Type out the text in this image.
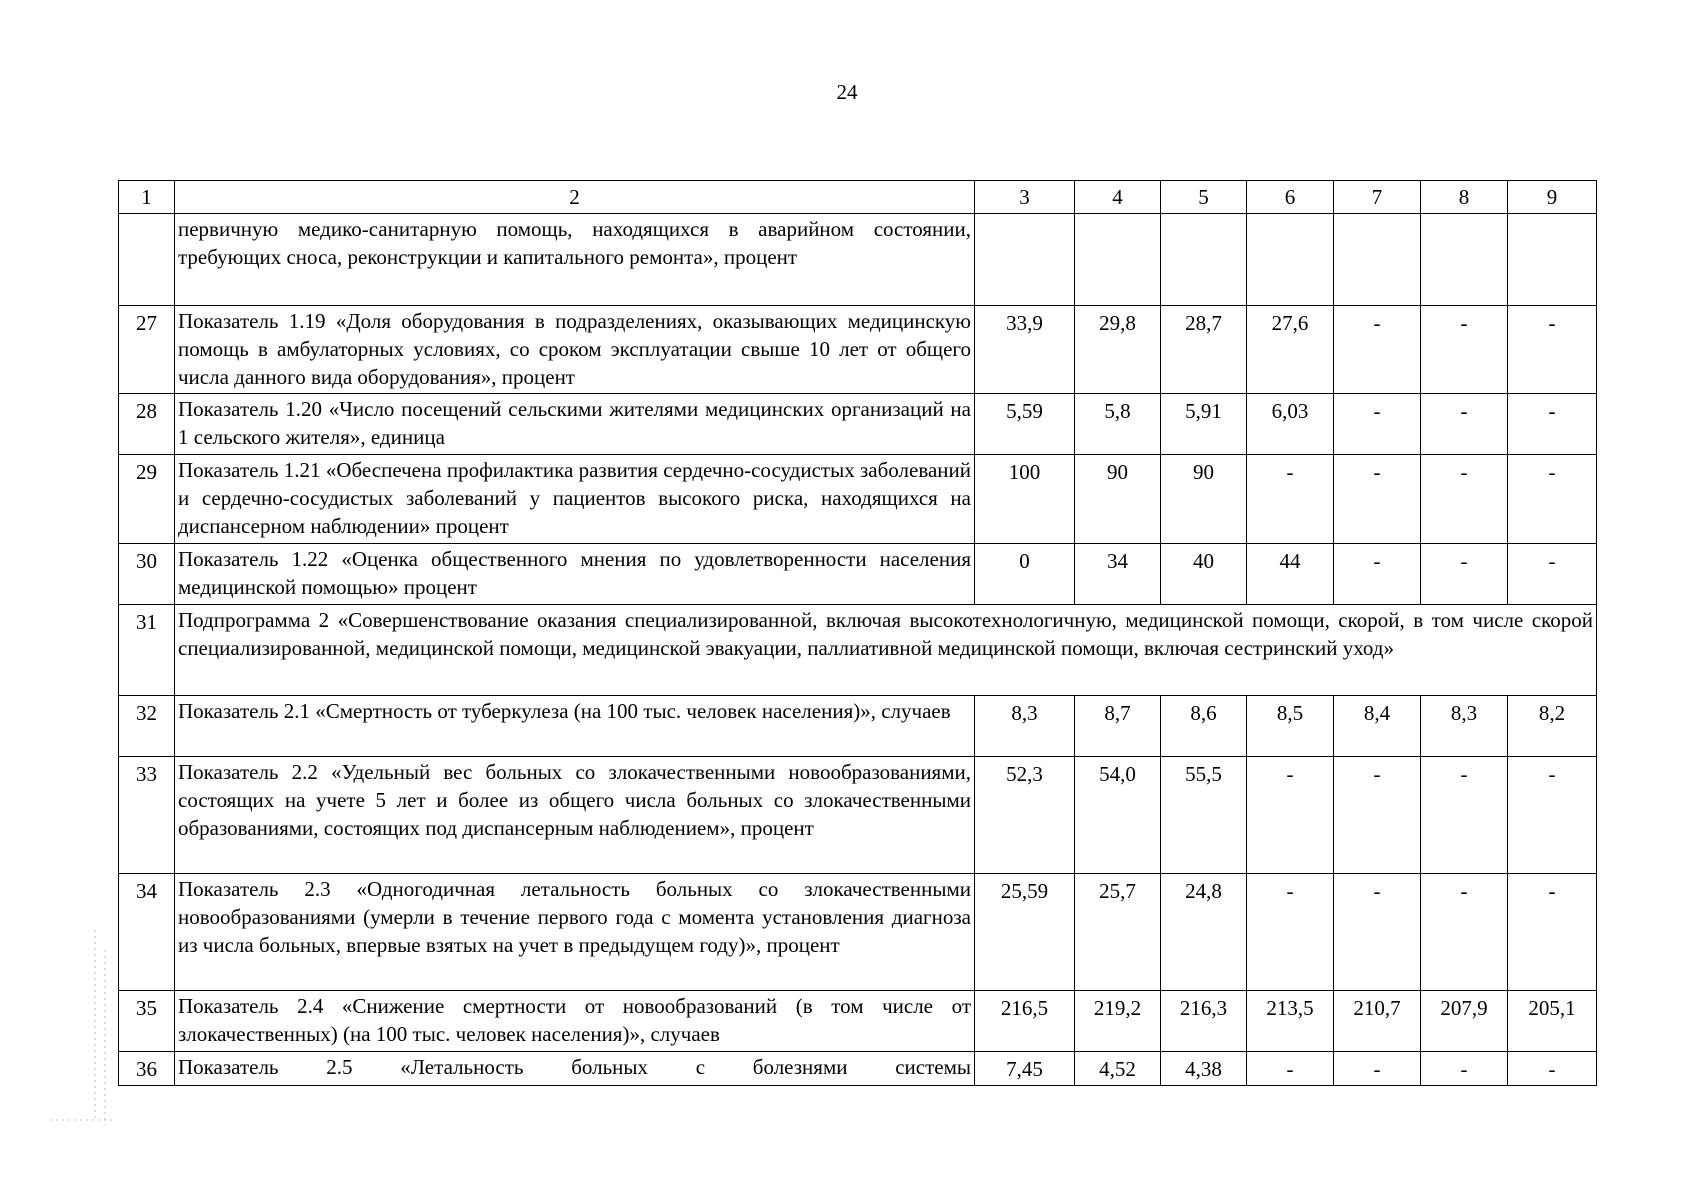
24
1	2	3	4	5	6	7	8	9
	первичную медико-санитарную помощь, находящихся в аварийном состоянии, требующих сноса, реконструкции и капитального ремонта», процент							
27	Показатель 1.19 «Доля оборудования в подразделениях, оказывающих медицинскую помощь в амбулаторных условиях, со сроком эксплуатации свыше 10 лет от общего числа данного вида оборудования», процент	33,9	29,8	28,7	27,6	-	-	-
28	Показатель 1.20 «Число посещений сельскими жителями медицинских организаций на 1 сельского жителя», единица	5,59	5,8	5,91	6,03	-	-	-
29	Показатель 1.21 «Обеспечена профилактика развития сердечно-сосудистых заболеваний и сердечно-сосудистых заболеваний у пациентов высокого риска, находящихся на диспансерном наблюдении» процент	100	90	90	-	-	-	-
30	Показатель 1.22 «Оценка общественного мнения по удовлетворенности населения медицинской помощью» процент	0	34	40	44	-	-	-
31	Подпрограмма 2 «Совершенствование оказания специализированной, включая высокотехнологичную, медицинской помощи, скорой, в том числе скорой специализированной, медицинской помощи, медицинской эвакуации, паллиативной медицинской помощи, включая сестринский уход»							
32	Показатель 2.1 «Смертность от туберкулеза (на 100 тыс. человек населения)», случаев	8,3	8,7	8,6	8,5	8,4	8,3	8,2
33	Показатель 2.2 «Удельный вес больных со злокачественными новообразованиями, состоящих на учете 5 лет и более из общего числа больных со злокачественными образованиями, состоящих под диспансерным наблюдением», процент	52,3	54,0	55,5	-	-	-	-
34	Показатель 2.3 «Одногодичная летальность больных со злокачественными новообразованиями (умерли в течение первого года с момента установления диагноза из числа больных, впервые взятых на учет в предыдущем году)», процент	25,59	25,7	24,8	-	-	-	-
35	Показатель 2.4 «Снижение смертности от новообразований (в том числе от злокачественных) (на 100 тыс. человек населения)», случаев	216,5	219,2	216,3	213,5	210,7	207,9	205,1
36	Показатель 2.5 «Летальность больных с болезнями системы	7,45	4,52	4,38	-	-	-	-
